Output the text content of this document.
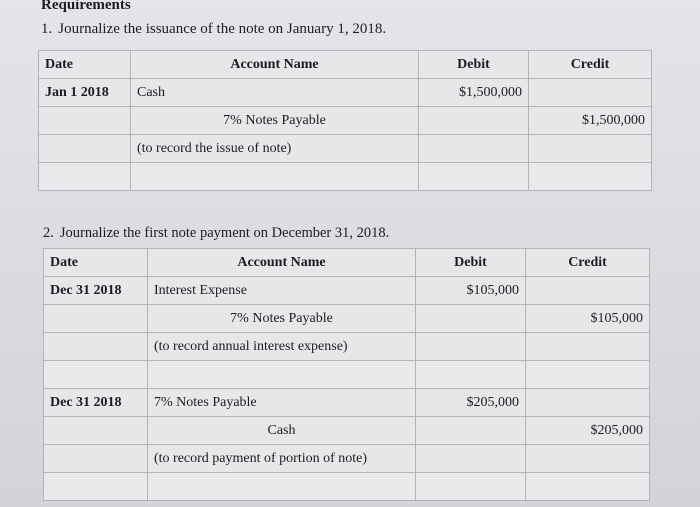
Requirements
1. Journalize the issuance of the note on January 1, 2018.
Date	Account Name	Debit	Credit
Jan 1 2018	Cash	$1,500,000	
	7% Notes Payable		$1,500,000
	(to record the issue of note)		

2. Journalize the first note payment on December 31, 2018.
Date	Account Name	Debit	Credit
Dec 31 2018	Interest Expense	$105,000	
	7% Notes Payable		$105,000
	(to record annual interest expense)		

Dec 31 2018	7% Notes Payable	$205,000	
	Cash		$205,000
	(to record payment of portion of note)		
